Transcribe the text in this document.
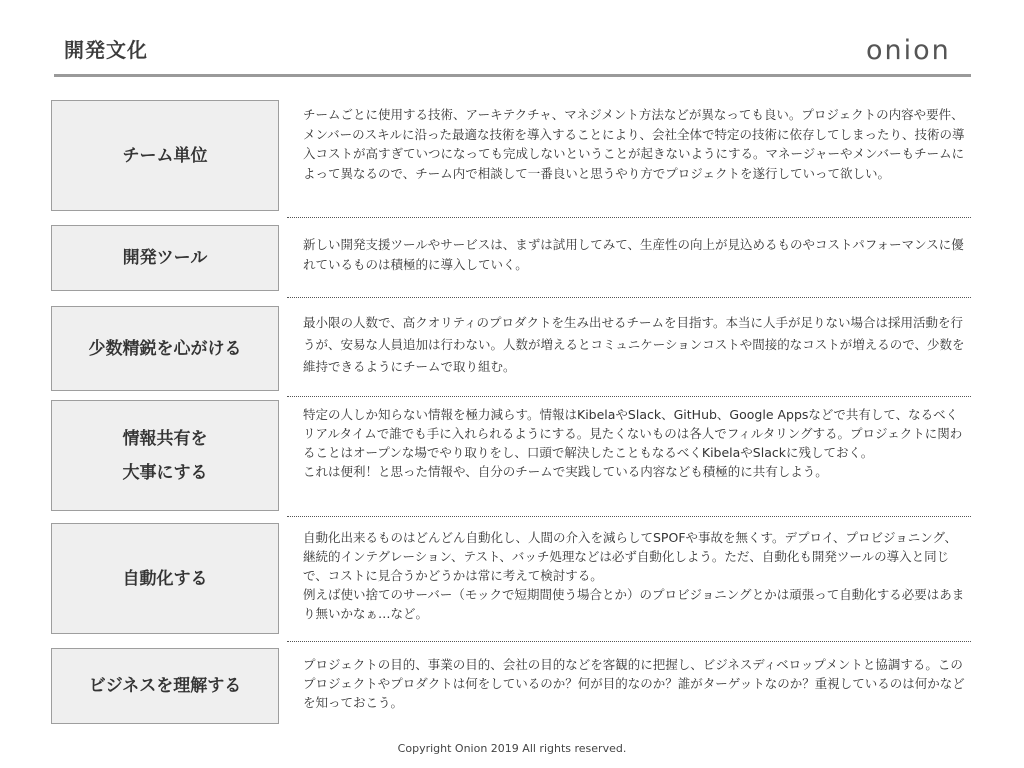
開発文化	onion
チーム単位

チームごとに使用する技術、アーキテクチャ、マネジメント方法などが異なっても良い。プロジェクトの内容や要件、メンバーのスキルに沿った最適な技術を導入することにより、会社全体で特定の技術に依存してしまったり、技術の導入コストが高すぎていつになっても完成しないということが起きないようにする。マネージャーやメンバーもチームによって異なるので、チーム内で相談して一番良いと思うやり方でプロジェクトを遂行していって欲しい。

開発ツール

新しい開発支援ツールやサービスは、まずは試用してみて、生産性の向上が見込めるものやコストパフォーマンスに優れているものは積極的に導入していく。

少数精鋭を心がける

最小限の人数で、高クオリティのプロダクトを生み出せるチームを目指す。本当に人手が足りない場合は採用活動を行うが、安易な人員追加は行わない。人数が増えるとコミュニケーションコストや間接的なコストが増えるので、少数を維持できるようにチームで取り組む。

情報共有を
大事にする

特定の人しか知らない情報を極力減らす。情報はKibelaやSlack、GitHub、Google Appsなどで共有して、なるべくリアルタイムで誰でも手に入れられるようにする。見たくないものは各人でフィルタリングする。プロジェクトに関わることはオープンな場でやり取りをし、口頭で解決したこともなるべくKibelaやSlackに残しておく。

これは便利！と思った情報や、自分のチームで実践している内容なども積極的に共有しよう。

自動化する

自動化出来るものはどんどん自動化し、人間の介入を減らしてSPOFや事故を無くす。デプロイ、プロビジョニング、継続的インテグレーション、テスト、バッチ処理などは必ず自動化しよう。ただ、自動化も開発ツールの導入と同じで、コストに見合うかどうかは常に考えて検討する。

例えば使い捨てのサーバー（モックで短期間使う場合とか）のプロビジョニングとかは頑張って自動化する必要はあまり無いかなぁ…など。

ビジネスを理解する

プロジェクトの目的、事業の目的、会社の目的などを客観的に把握し、ビジネスディベロップメントと協調する。このプロジェクトやプロダクトは何をしているのか？何が目的なのか？誰がターゲットなのか？重視しているのは何かなどを知っておこう。

Copyright Onion 2019 All rights reserved.
